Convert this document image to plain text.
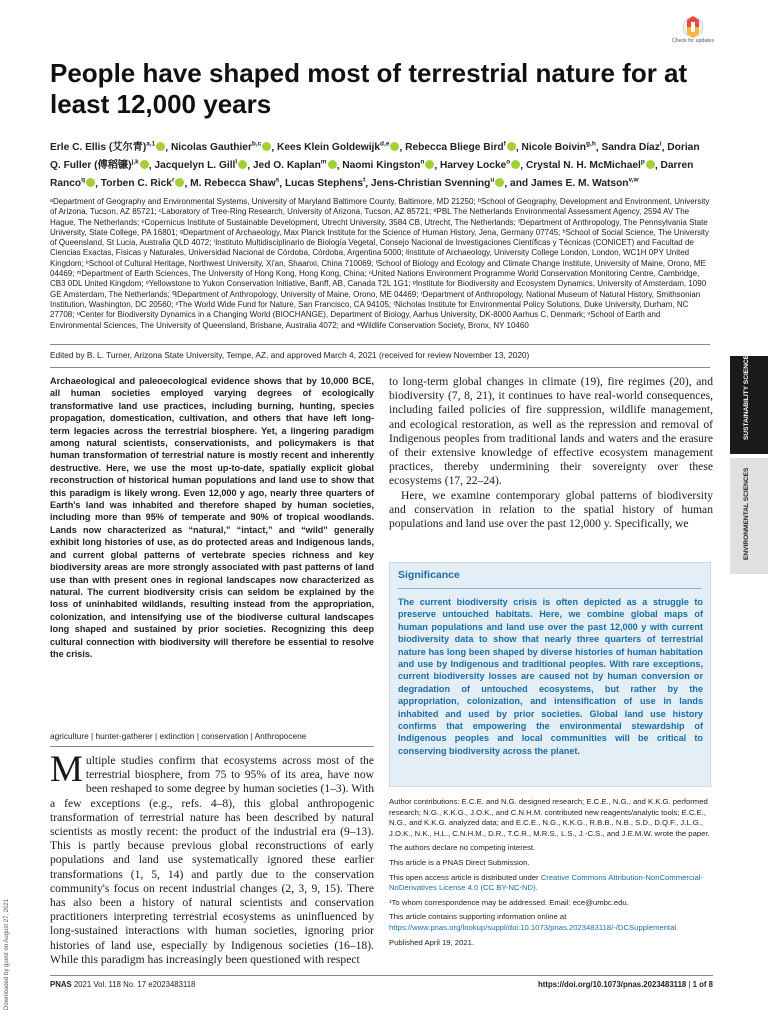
Check for updates
People have shaped most of terrestrial nature for at least 12,000 years
Erle C. Ellis (艾尔青)$^{a,1}$ , Nicolas Gauthier$^{b,c}$ , Kees Klein Goldewijk$^{d,e}$ , Rebecca Bliege Bird$^f$ , Nicole Boivin$^{g,h}$, Sandra Díaz$^i$, Dorian Q. Fuller (傅稻镰)$^{j,k}$ , Jacquelyn L. Gill$^l$ , Jed O. Kaplan$^m$ , Naomi Kingston$^n$ , Harvey Locke$^o$ , Crystal N. H. McMichael$^p$ , Darren Ranco$^q$ , Torben C. Rick$^r$ , M. Rebecca Shaw$^s$, Lucas Stephens$^t$, Jens-Christian Svenning$^u$ , and James E. M. Watson$^{v,w}$
ᵃDepartment of Geography and Environmental Systems, University of Maryland Baltimore County, Baltimore, MD 21250; ᵇSchool of Geography, Development and Environment, University of Arizona, Tucson, AZ 85721; ᶜLaboratory of Tree-Ring Research, University of Arizona, Tucson, AZ 85721; ᵈPBL The Netherlands Environmental Assessment Agency, 2594 AV The Hague, The Netherlands; ᵉCopernicus Institute of Sustainable Development, Utrecht University, 3584 CB, Utrecht, The Netherlands; ᶠDepartment of Anthropology, The Pennsylvania State University, State College, PA 16801; ᵍDepartment of Archaeology, Max Planck Institute for the Science of Human History, Jena, Germany 07745; ʰSchool of Social Science, The University of Queensland, St Lucia, Australia QLD 4072; ⁱInstituto Multidisciplinario de Biología Vegetal, Consejo Nacional de Investigaciones Científicas y Técnicas (CONICET) and Facultad de Ciencias Exactas, Físicas y Naturales, Universidad Nacional de Córdoba, Córdoba, Argentina 5000; ʲInstitute of Archaeology, University College London, London, WC1H 0PY United Kingdom; ᵏSchool of Cultural Heritage, Northwest University, Xi'an, Shaanxi, China 710069; ˡSchool of Biology and Ecology and Climate Change Institute, University of Maine, Orono, ME 04469; ᵐDepartment of Earth Sciences, The University of Hong Kong, Hong Kong, China; ⁿUnited Nations Environment Programme World Conservation Monitoring Centre, Cambridge, CB3 0DL United Kingdom; ᵒYellowstone to Yukon Conservation Initiative, Banff, AB, Canada T2L 1G1; ᵖInstitute for Biodiversity and Ecosystem Dynamics, University of Amsterdam, 1090 GE Amsterdam, The Netherlands; ᑫDepartment of Anthropology, University of Maine, Orono, ME 04469; ʳDepartment of Anthropology, National Museum of Natural History, Smithsonian Institution, Washington, DC 20560; ˢThe World Wide Fund for Nature, San Francisco, CA 94105; ᵗNicholas Institute for Environmental Policy Solutions, Duke University, Durham, NC 27708; ᵘCenter for Biodiversity Dynamics in a Changing World (BIOCHANGE), Department of Biology, Aarhus University, DK-8000 Aarhus C, Denmark; ᵛSchool of Earth and Environmental Sciences, The University of Queensland, Brisbane, Australia 4072; and ʷWildlife Conservation Society, Bronx, NY 10460
Edited by B. L. Turner, Arizona State University, Tempe, AZ, and approved March 4, 2021 (received for review November 13, 2020)
Archaeological and paleoecological evidence shows that by 10,000 BCE, all human societies employed varying degrees of ecologically transformative land use practices, including burning, hunting, species propagation, domestication, cultivation, and others that have left long-term legacies across the terrestrial biosphere. Yet, a lingering paradigm among natural scientists, conservationists, and policymakers is that human transformation of terrestrial nature is mostly recent and inherently destructive. Here, we use the most up-to-date, spatially explicit global reconstruction of historical human populations and land use to show that this paradigm is likely wrong. Even 12,000 y ago, nearly three quarters of Earth's land was inhabited and therefore shaped by human societies, including more than 95% of temperate and 90% of tropical woodlands. Lands now characterized as “natural,” “intact,” and “wild” generally exhibit long histories of use, as do protected areas and Indigenous lands, and current global patterns of vertebrate species richness and key biodiversity areas are more strongly associated with past patterns of land use than with present ones in regional landscapes now characterized as natural. The current biodiversity crisis can seldom be explained by the loss of uninhabited wildlands, resulting instead from the appropriation, colonization, and intensifying use of the biodiverse cultural landscapes long shaped and sustained by prior societies. Recognizing this deep cultural connection with biodiversity will therefore be essential to resolve the crisis.
agriculture | hunter-gatherer | extinction | conservation | Anthropocene
M ultiple studies confirm that ecosystems across most of the terrestrial biosphere, from 75 to 95% of its area, have now been reshaped to some degree by human societies (1–3). With a few exceptions (e.g., refs. 4–8), this global anthropogenic transformation of terrestrial nature has been described by natural scientists as mostly recent: the product of the industrial era (9–13). This is partly because previous global reconstructions of early populations and land use systematically ignored these earlier transformations (1, 5, 14) and partly due to the conservation community's focus on recent industrial changes (2, 3, 9, 15). There has also been a history of natural scientists and conservation practitioners interpreting terrestrial ecosystems as uninfluenced by long-sustained interactions with human societies, ignoring prior histories of land use, especially by Indigenous societies (16–18). While this paradigm has increasingly been questioned with respect

to long-term global changes in climate (19), fire regimes (20), and biodiversity (7, 8, 21), it continues to have real-world consequences, including failed policies of fire suppression, wildlife management, and ecological restoration, as well as the repression and removal of Indigenous peoples from traditional lands and waters and the erasure of their extensive knowledge of effective ecosystem management practices, thereby undermining their sovereignty over these ecosystems (17, 22–24).

Here, we examine contemporary global patterns of biodiversity and conservation in relation to the spatial history of human populations and land use over the past 12,000 y. Specifically, we

Significance
The current biodiversity crisis is often depicted as a struggle to preserve untouched habitats. Here, we combine global maps of human populations and land use over the past 12,000 y with current biodiversity data to show that nearly three quarters of terrestrial nature has long been shaped by diverse histories of human habitation and use by Indigenous and traditional peoples. With rare exceptions, current biodiversity losses are caused not by human conversion or degradation of untouched ecosystems, but rather by the appropriation, colonization, and intensification of use in lands inhabited and used by prior societies. Global land use history confirms that empowering the environmental stewardship of Indigenous peoples and local communities will be critical to conserving biodiversity across the planet.

Author contributions: E.C.E. and N.G. designed research; E.C.E., N.G., and K.K.G. performed research; N.G., K.K.G., J.O.K., and C.N.H.M. contributed new reagents/analytic tools; E.C.E., N.G., and K.K.G. analyzed data; and E.C.E., N.G., K.K.G., R.B.B., N.B., S.D., D.Q.F., J.L.G., J.O.K., N.K., H.L., C.N.H.M., D.R., T.C.R., M.R.S., L.S., J.-C.S., and J.E.M.W. wrote the paper.

The authors declare no competing interest.

This article is a PNAS Direct Submission.

This open access article is distributed under Creative Commons Attribution-NonCommercial-NoDerivatives License 4.0 (CC BY-NC-ND).

¹To whom correspondence may be addressed. Email: ece@umbc.edu.

This article contains supporting information online at https://www.pnas.org/lookup/suppl/doi:10.1073/pnas.2023483118/-/DCSupplemental.

Published April 19, 2021.

PNAS 2021 Vol. 118 No. 17 e2023483118	https://doi.org/10.1073/pnas.2023483118 | 1 of 8
Downloaded by guest on August 27, 2021
SUSTAINABILITY SCIENCE
ENVIRONMENTAL SCIENCES
